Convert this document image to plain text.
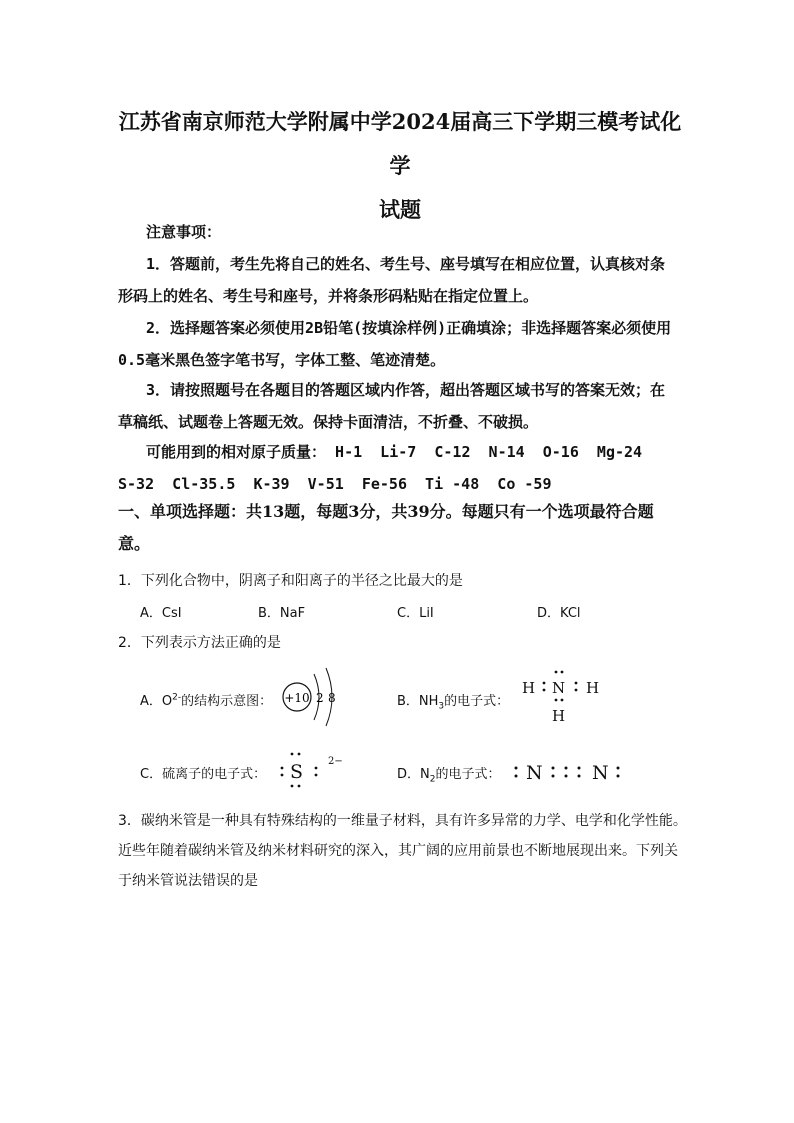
江苏省南京师范大学附属中学2024届高三下学期三模考试化学
试题
注意事项：
1．答题前，考生先将自己的姓名、考生号、座号填写在相应位置，认真核对条形码上的姓名、考生号和座号，并将条形码粘贴在指定位置上。
2．选择题答案必须使用2B铅笔(按填涂样例)正确填涂；非选择题答案必须使用0.5毫米黑色签字笔书写，字体工整、笔迹清楚。
3．请按照题号在各题目的答题区域内作答，超出答题区域书写的答案无效；在草稿纸、试题卷上答题无效。保持卡面清洁，不折叠、不破损。
可能用到的相对原子质量： H-1  Li-7  C-12  N-14  O-16  Mg-24
S-32  Cl-35.5  K-39  V-51  Fe-56  Ti -48  Co -59
一、单项选择题：共13题，每题3分，共39分。每题只有一个选项最符合题意。
1．下列化合物中，阴离子和阳离子的半径之比最大的是
A．CsI	B．NaF	C．LiI	D．KCl
2．下列表示方法正确的是
A．$O^{2-}$的结构示意图： +10 2 8	B．$NH_3$的电子式：
H N H
H
C．硫离子的电子式： S 2−
D．$N_2$的电子式： N	N
3．碳纳米管是一种具有特殊结构的一维量子材料，具有许多异常的力学、电学和化学性能。近些年随着碳纳米管及纳米材料研究的深入，其广阔的应用前景也不断地展现出来。下列关于纳米管说法错误的是
